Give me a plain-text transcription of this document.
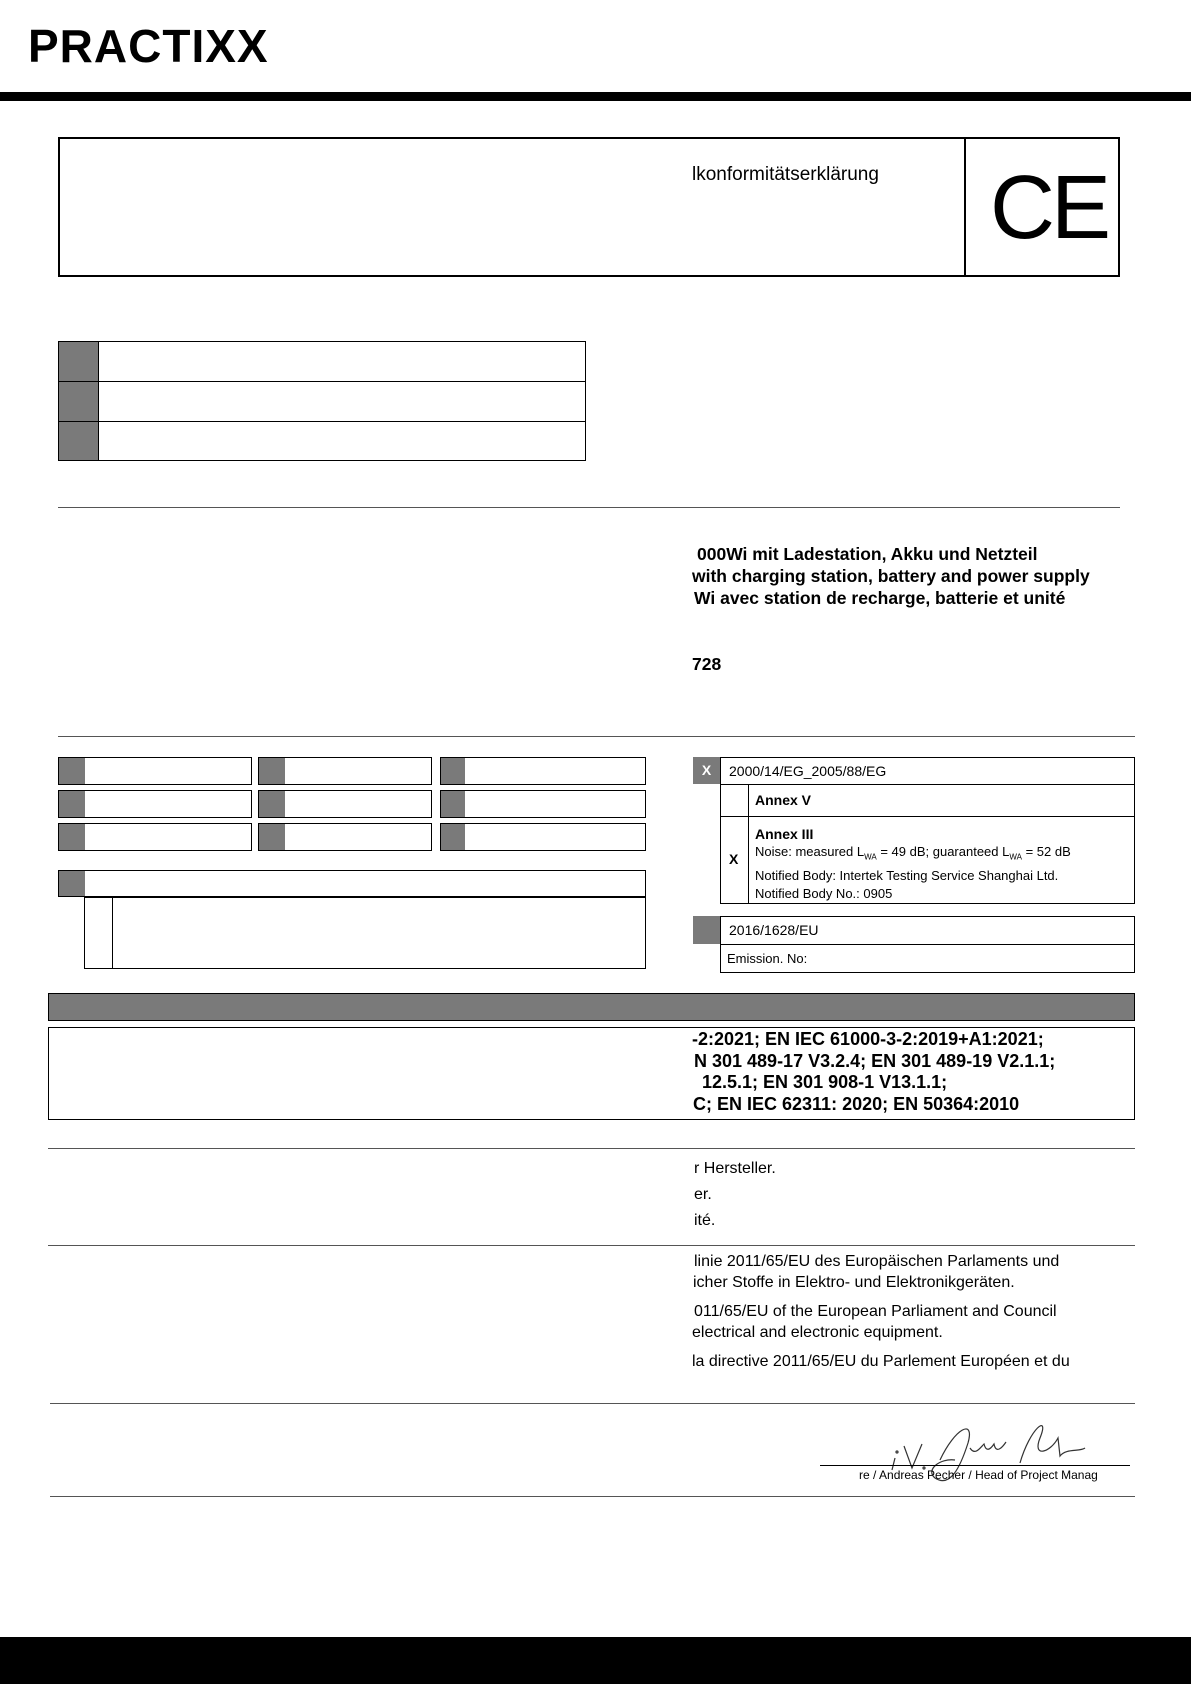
PRACTIXX
lkonformitätserklärung CE
000Wi mit Ladestation, Akku und Netzteil
with charging station, battery and power supply
Wi avec station de recharge, batterie et unité
728
X	2000/14/EG_2005/88/EG
Annex V
X
Annex III
Noise: measured $L_{WA} = 49$ dB; guaranteed $L_{WA} = 52$ dB
Notified Body: Intertek Testing Service Shanghai Ltd.
Notified Body No.: 0905
2016/1628/EU
Emission. No:
-2:2021; EN IEC 61000-3-2:2019+A1:2021;
N 301 489-17 V3.2.4; EN 301 489-19 V2.1.1;
12.5.1; EN 301 908-1 V13.1.1;
C; EN IEC 62311: 2020; EN 50364:2010
r Hersteller.
er.
ité.
linie 2011/65/EU des Europäischen Parlaments und
icher Stoffe in Elektro- und Elektronikgeräten.
011/65/EU of the European Parliament and Council
electrical and electronic equipment.
la directive 2011/65/EU du Parlement Européen et du
re / Andreas Pecher / Head of Project Manag
